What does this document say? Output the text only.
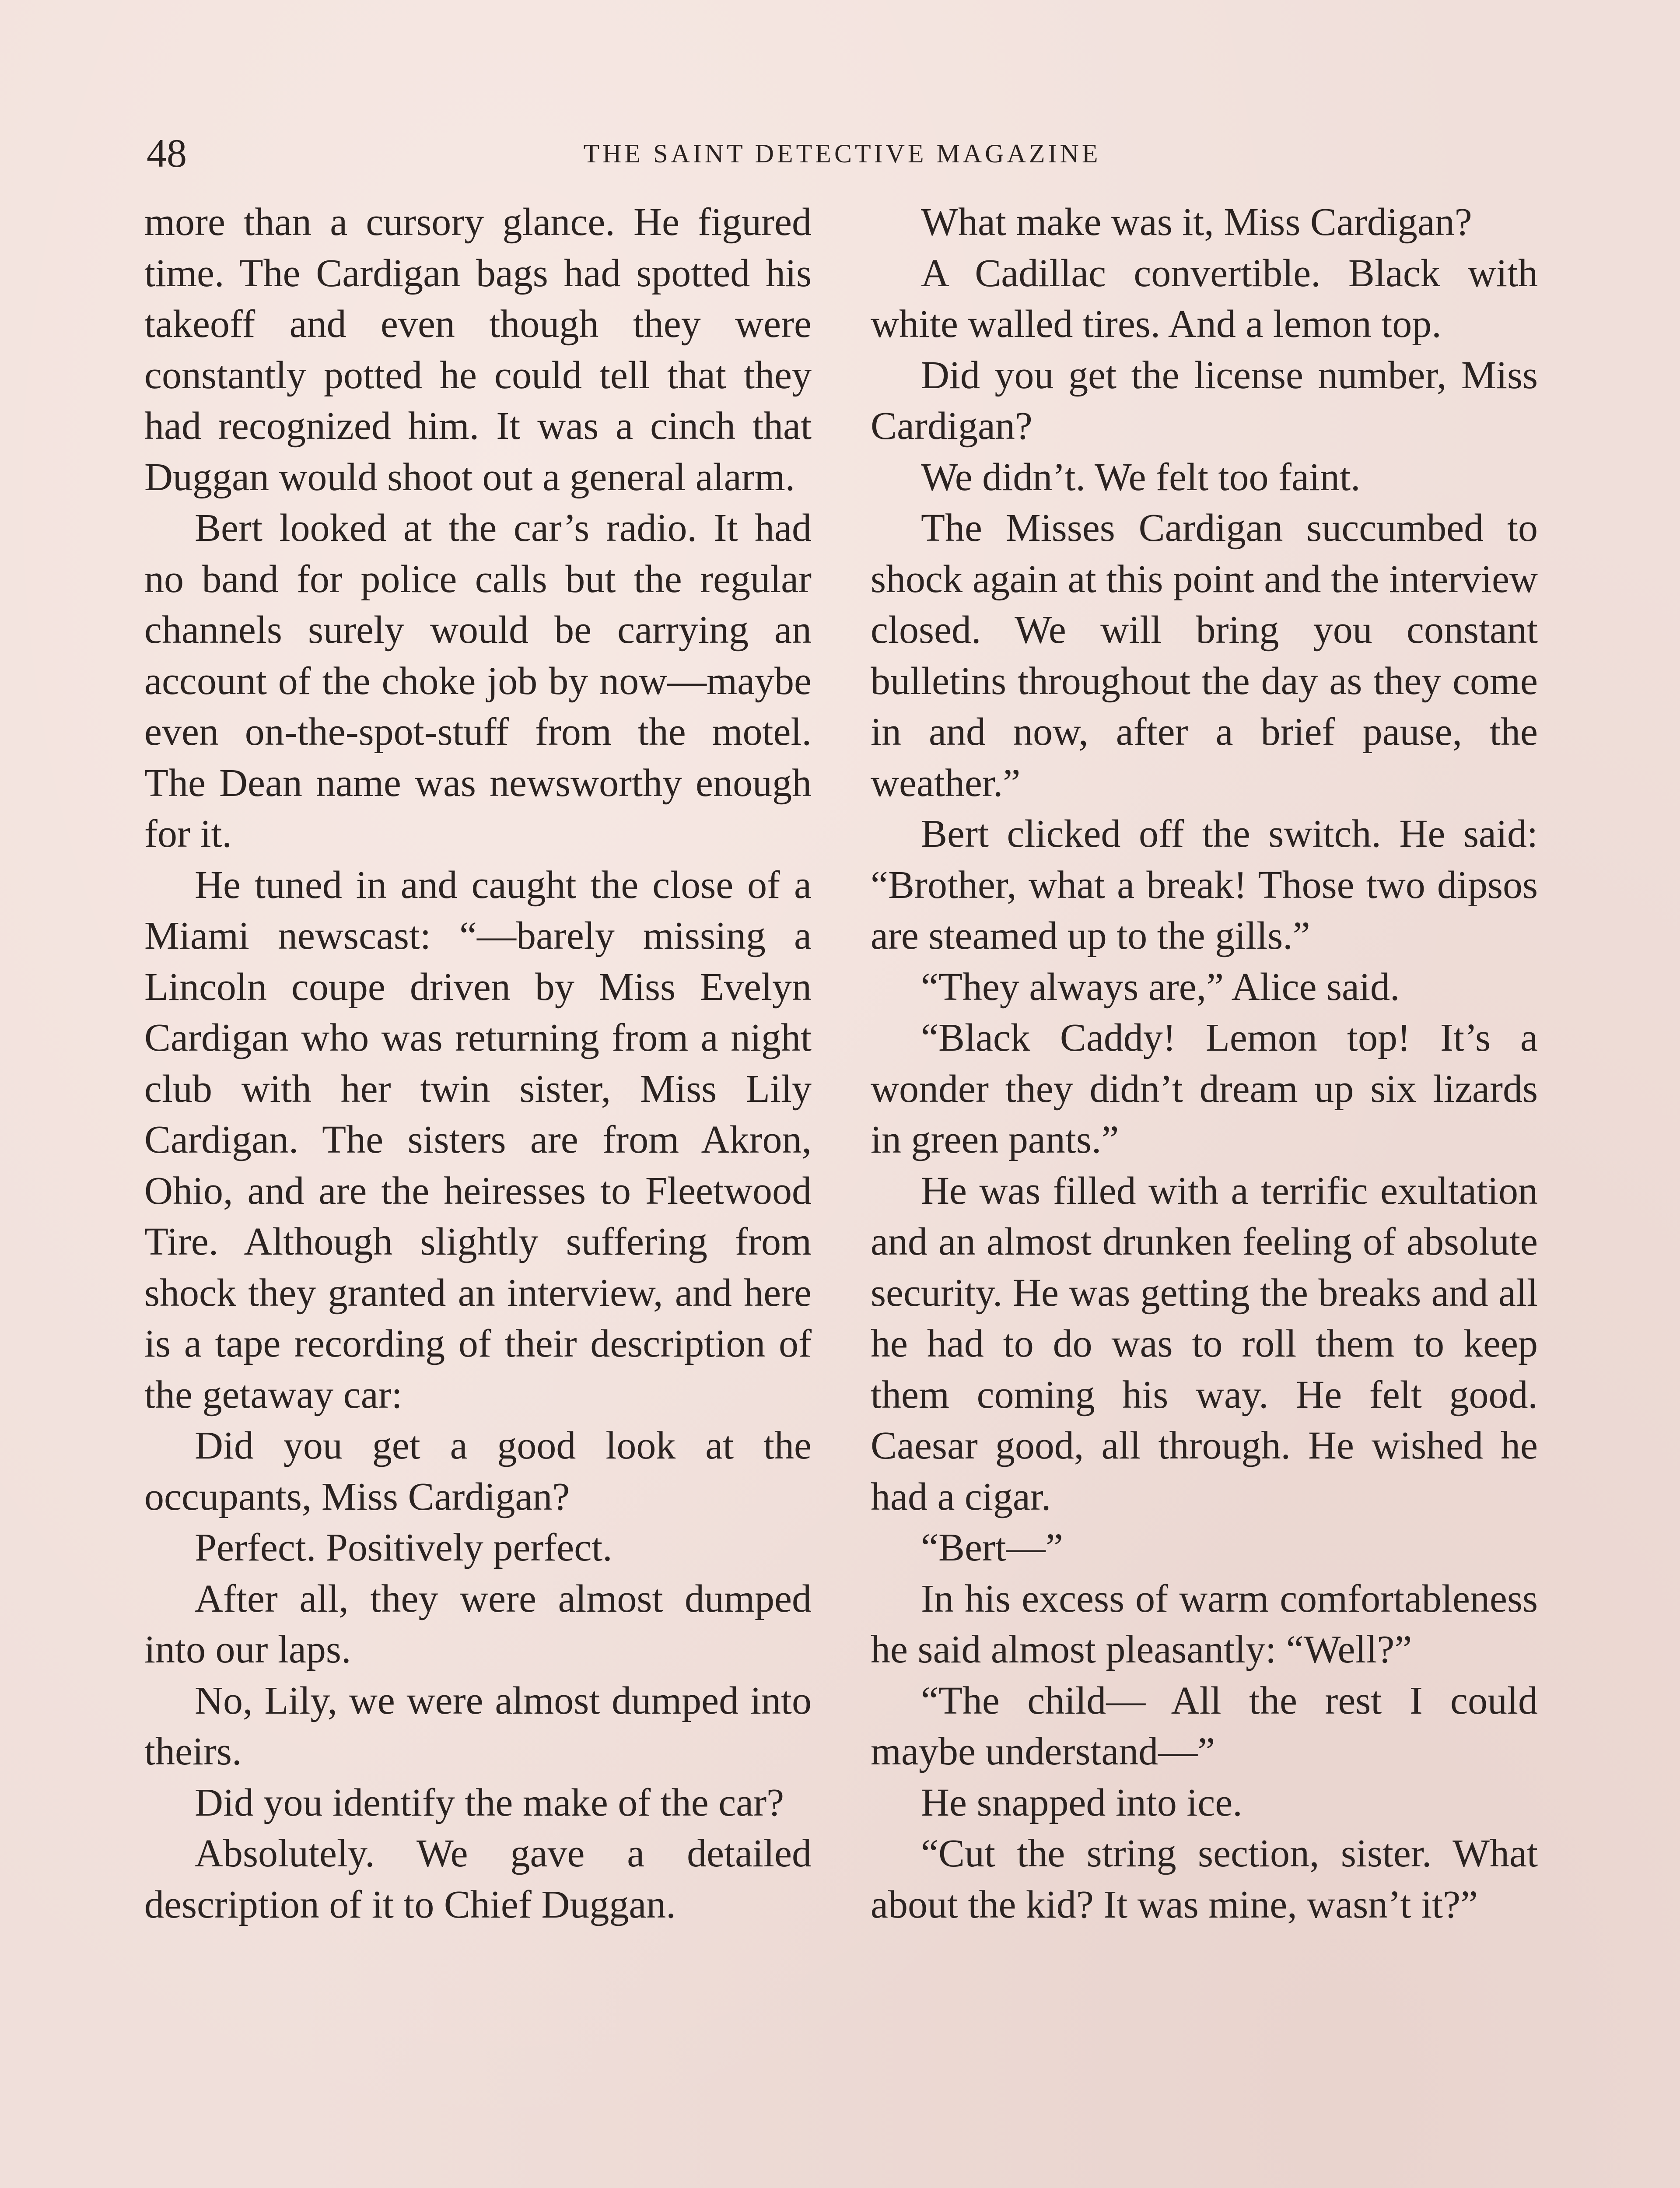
48	THE SAINT DETECTIVE MAGAZINE

more than a cursory glance. He figured time. The Cardigan bags had spotted his takeoff and even though they were constantly potted he could tell that they had recognized him. It was a cinch that Duggan would shoot out a general alarm.

Bert looked at the car’s radio. It had no band for police calls but the regular channels surely would be carrying an account of the choke job by now—maybe even on-the-spot-stuff from the motel. The Dean name was newsworthy enough for it.

He tuned in and caught the close of a Miami newscast: “—barely missing a Lincoln coupe driven by Miss Evelyn Cardigan who was returning from a night club with her twin sister, Miss Lily Cardigan. The sisters are from Akron, Ohio, and are the heiresses to Fleetwood Tire. Although slightly suffering from shock they granted an interview, and here is a tape recording of their description of the getaway car:

Did you get a good look at the occupants, Miss Cardigan?

Perfect. Positively perfect.

After all, they were almost dumped into our laps.

No, Lily, we were almost dumped into theirs.

Did you identify the make of the car?

Absolutely. We gave a detailed description of it to Chief Duggan.

What make was it, Miss Cardigan?

A Cadillac convertible. Black with white walled tires. And a lemon top.

Did you get the license number, Miss Cardigan?

We didn’t. We felt too faint.

The Misses Cardigan succumbed to shock again at this point and the interview closed. We will bring you constant bulletins throughout the day as they come in and now, after a brief pause, the weather.”

Bert clicked off the switch. He said: “Brother, what a break! Those two dipsos are steamed up to the gills.”

“They always are,” Alice said.

“Black Caddy! Lemon top! It’s a wonder they didn’t dream up six lizards in green pants.”

He was filled with a terrific exultation and an almost drunken feeling of absolute security. He was getting the breaks and all he had to do was to roll them to keep them coming his way. He felt good. Caesar good, all through. He wished he had a cigar.

“Bert—”

In his excess of warm comfortableness he said almost pleasantly: “Well?”

“The child— All the rest I could maybe understand—”

He snapped into ice.

“Cut the string section, sister. What about the kid? It was mine, wasn’t it?”
